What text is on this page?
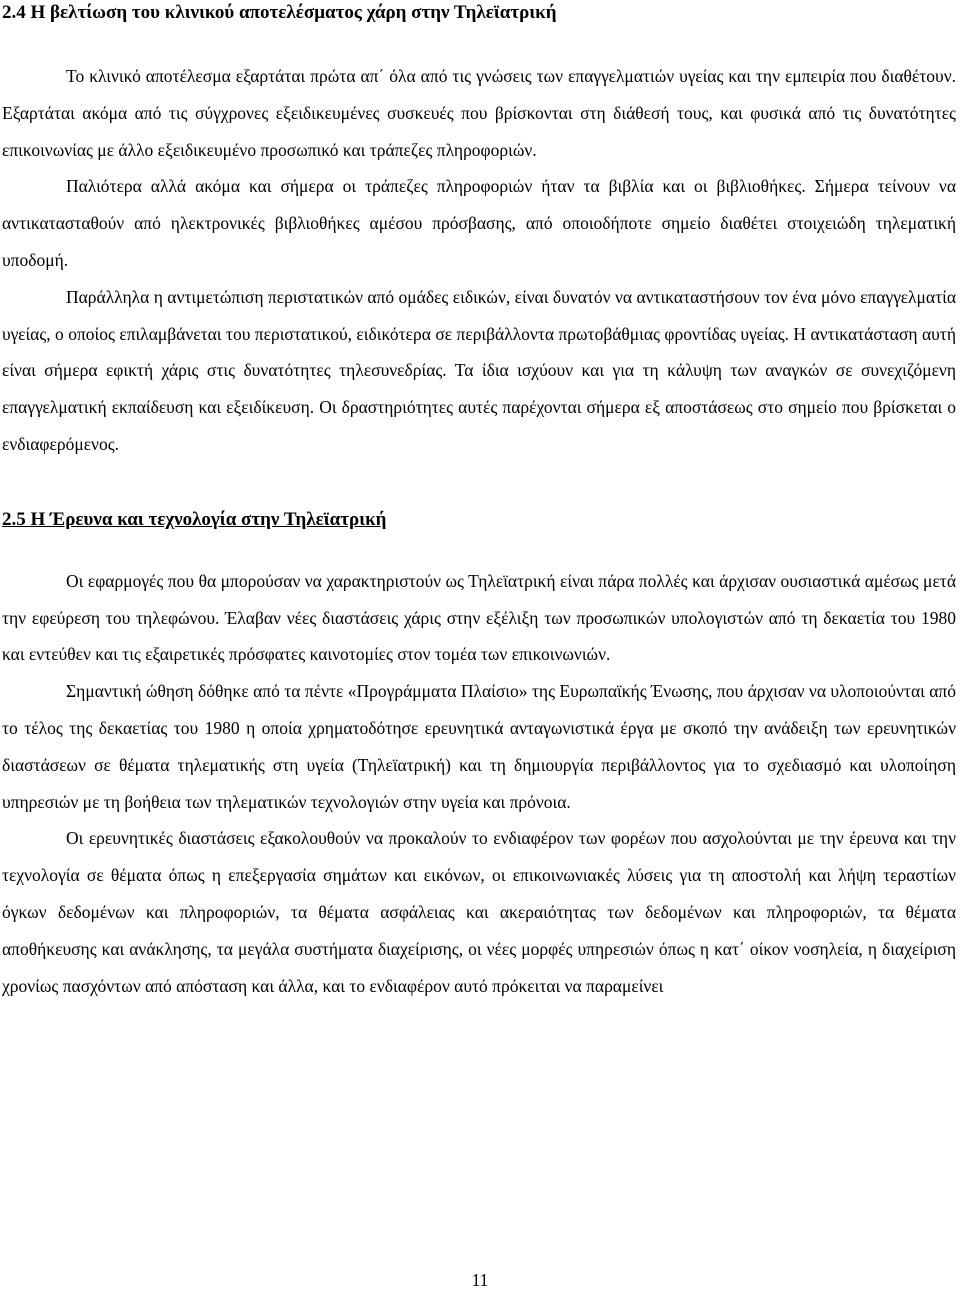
2.4 Η βελτίωση του κλινικού αποτελέσματος χάρη στην Τηλεϊατρική

Το κλινικό αποτέλεσμα εξαρτάται πρώτα απ΄ όλα από τις γνώσεις των επαγγελματιών υγείας και την εμπειρία που διαθέτουν. Εξαρτάται ακόμα από τις σύγχρονες εξειδικευμένες συσκευές που βρίσκονται στη διάθεσή τους, και φυσικά από τις δυνατότητες επικοινωνίας με άλλο εξειδικευμένο προσωπικό και τράπεζες πληροφοριών.

Παλιότερα αλλά ακόμα και σήμερα οι τράπεζες πληροφοριών ήταν τα βιβλία και οι βιβλιοθήκες. Σήμερα τείνουν να αντικατασταθούν από ηλεκτρονικές βιβλιοθήκες αμέσου πρόσβασης, από οποιοδήποτε σημείο διαθέτει στοιχειώδη τηλεματική υποδομή.

Παράλληλα η αντιμετώπιση περιστατικών από ομάδες ειδικών, είναι δυνατόν να αντικαταστήσουν τον ένα μόνο επαγγελματία υγείας, ο οποίος επιλαμβάνεται του περιστατικού, ειδικότερα σε περιβάλλοντα πρωτοβάθμιας φροντίδας υγείας. Η αντικατάσταση αυτή είναι σήμερα εφικτή χάρις στις δυνατότητες τηλεσυνεδρίας. Τα ίδια ισχύουν και για τη κάλυψη των αναγκών σε συνεχιζόμενη επαγγελματική εκπαίδευση και εξειδίκευση. Οι δραστηριότητες αυτές παρέχονται σήμερα εξ αποστάσεως στο σημείο που βρίσκεται ο ενδιαφερόμενος.

2.5 Η Έρευνα και τεχνολογία στην Τηλεϊατρική

Οι εφαρμογές που θα μπορούσαν να χαρακτηριστούν ως Τηλεϊατρική είναι πάρα πολλές και άρχισαν ουσιαστικά αμέσως μετά την εφεύρεση του τηλεφώνου. Έλαβαν νέες διαστάσεις χάρις στην εξέλιξη των προσωπικών υπολογιστών από τη δεκαετία του 1980 και εντεύθεν και τις εξαιρετικές πρόσφατες καινοτομίες στον τομέα των επικοινωνιών.

Σημαντική ώθηση δόθηκε από τα πέντε «Προγράμματα Πλαίσιο» της Ευρωπαϊκής Ένωσης, που άρχισαν να υλοποιούνται από το τέλος της δεκαετίας του 1980 η οποία χρηματοδότησε ερευνητικά ανταγωνιστικά έργα με σκοπό την ανάδειξη των ερευνητικών διαστάσεων σε θέματα τηλεματικής στη υγεία (Τηλεϊατρική) και τη δημιουργία περιβάλλοντος για το σχεδιασμό και υλοποίηση υπηρεσιών με τη βοήθεια των τηλεματικών τεχνολογιών στην υγεία και πρόνοια.

Οι ερευνητικές διαστάσεις εξακολουθούν να προκαλούν το ενδιαφέρον των φορέων που ασχολούνται με την έρευνα και την τεχνολογία σε θέματα όπως η επεξεργασία σημάτων και εικόνων, οι επικοινωνιακές λύσεις για τη αποστολή και λήψη τεραστίων όγκων δεδομένων και πληροφοριών, τα θέματα ασφάλειας και ακεραιότητας των δεδομένων και πληροφοριών, τα θέματα αποθήκευσης και ανάκλησης, τα μεγάλα συστήματα διαχείρισης, οι νέες μορφές υπηρεσιών όπως η κατ΄ οίκον νοσηλεία, η διαχείριση χρονίως πασχόντων από απόσταση και άλλα, και το ενδιαφέρον αυτό πρόκειται να παραμείνει

11
